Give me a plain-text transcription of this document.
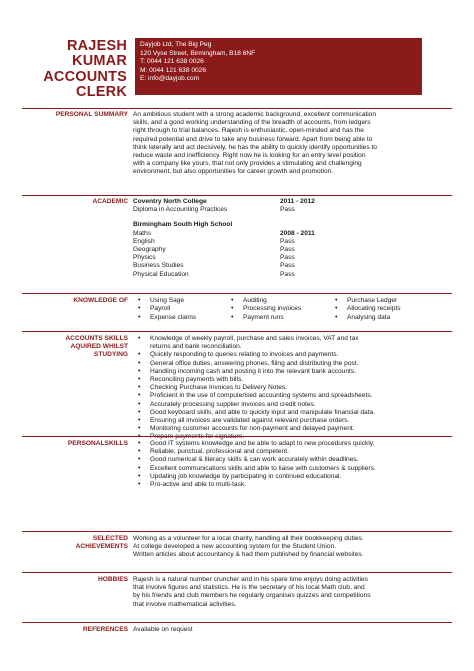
RAJESH
KUMAR
ACCOUNTS
CLERK
Dayjob Ltd, The Big Peg
120 Vyse Street, Birmingham, B18 6NF
T: 0044 121 638 0026
M: 0044 121 638 0026
E: info@dayjob.com
PERSONAL SUMMARY An ambitious student with a strong academic background, excellent communication
skills, and a good working understanding of the breadth of accounts, from ledgers
right through to trial balances. Rajesh is enthusiastic, open-minded and has the
required potential and drive to take any business forward. Apart from being able to
think laterally and act decisively, he has the ability to quickly identify opportunities to
reduce waste and inefficiency. Right now he is looking for an entry level position
with a company like yours, that not only provides a stimulating and challenging
environment, but also opportunities for career growth and promotion.
ACADEMIC Coventry North College	2011 - 2012
Diploma in Accounting Practices	Pass
Birmingham South High School
Maths	2008 - 2011
English	Pass
Geography	Pass
Physics	Pass
Business Studies	Pass
Physical Education	Pass
KNOWLEDGE OF • Using Sage	• Auditing	• Purchase Ledger
• Payroll	• Processing invoices	• Allocating receipts
• Expense claims	• Payment runs	• Analysing data
ACCOUNTS SKILLS
AQUIRED WHILST
STUDYING
• Knowledge of weekly payroll, purchase and sales invoices, VAT and tax
returns and bank reconciliation.
• Quickly responding to queries relating to invoices and payments.
• General office duties, answering phones, filing and distributing the post.
• Handling incoming cash and posting it into the relevant bank accounts.
• Reconciling payments with bills.
• Checking Purchase Invoices to Delivery Notes.
• Proficient in the use of computerised accounting systems and spreadsheets.
• Accurately processing supplier invoices and credit notes.
• Good keyboard skills, and able to quickly input and manipulate financial data.
• Ensuring all invoices are validated against relevant purchase orders.
• Monitoring customer accounts for non-payment and delayed payment.
PERSONALSKILLS • Good IT systems knowledge and be able to adapt to new procedures quickly.
• Reliable, punctual, professional and competent.
• Good numerical & literacy skills & can work accurately within deadlines.
• Excellent communications skills and able to liaise with customers & suppliers.
• Updating job knowledge by participating in continued educational.
• Pro-active and able to multi-task.
SELECTED
ACHIEVEMENTS
Working as a volunteer for a local charity, handling all their bookkeeping duties.
At college developed a new accounting system for the Student Union.
Written articles about accountancy & had them published by financial websites.
HOBBIES Rajesh is a natural number cruncher and in his spare time enjoys doing activities
that involve figures and statistics. He is the secretary of his local Math club, and
by his friends and club members he regularly organises quizzes and competitions
that involve mathematical activities.
REFERENCES Available on request
